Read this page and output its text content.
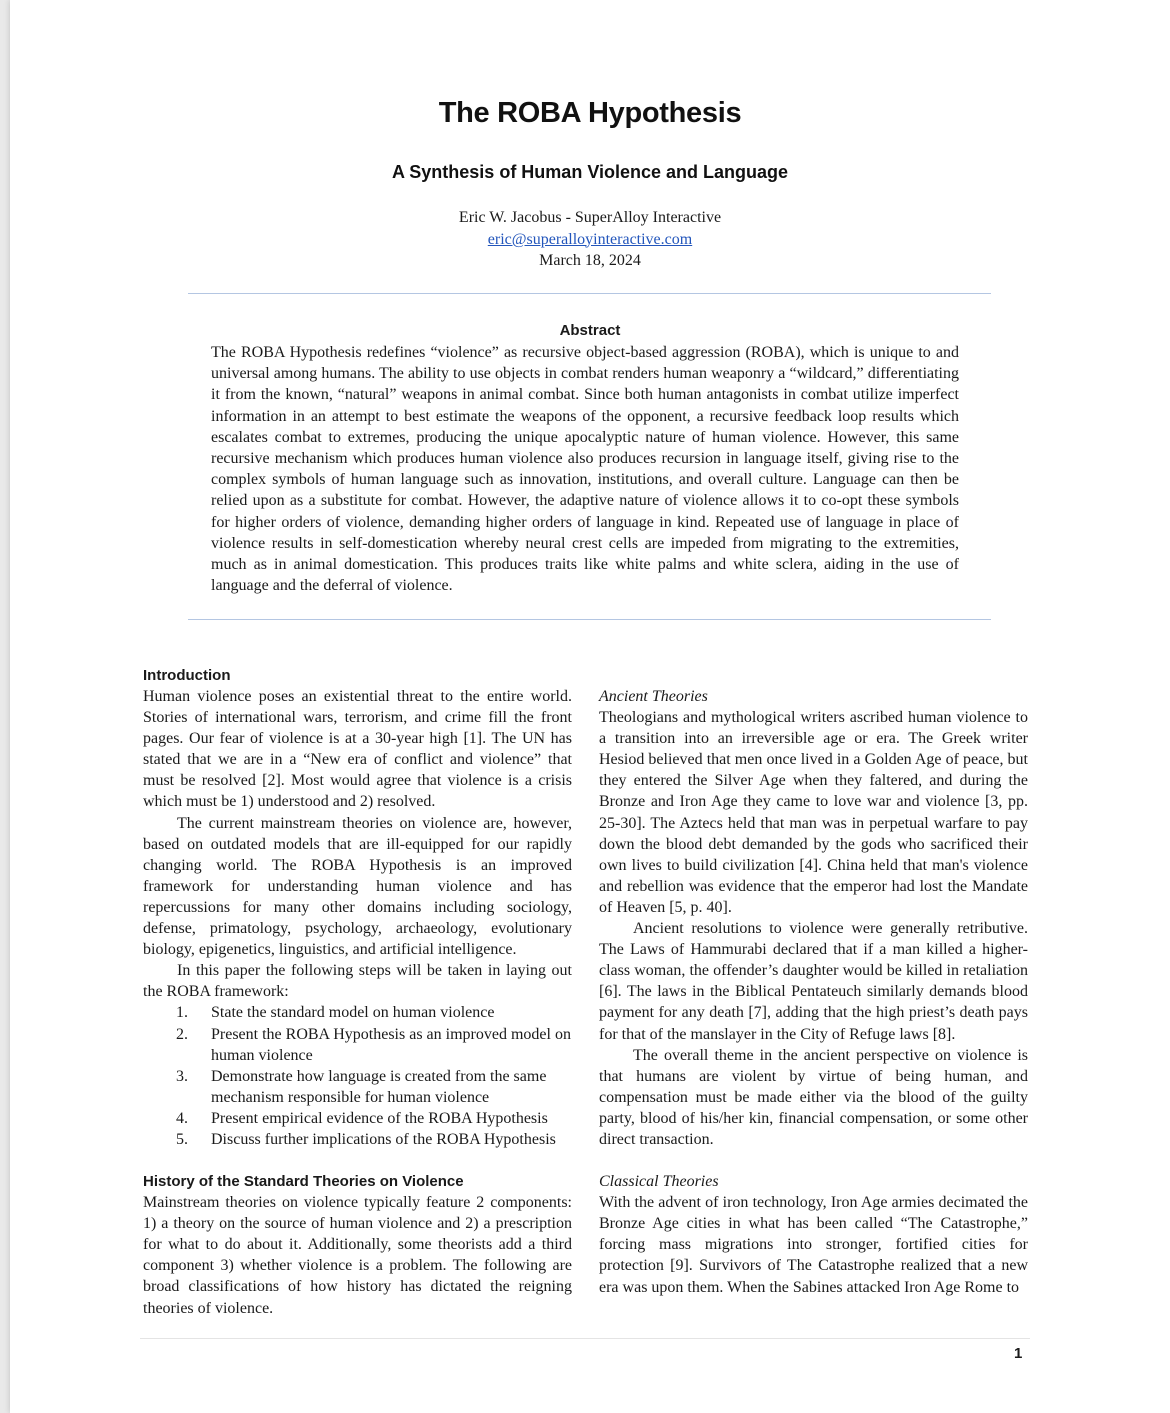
The ROBA Hypothesis
A Synthesis of Human Violence and Language
Eric W. Jacobus - SuperAlloy Interactive
eric@superalloyinteractive.com
March 18, 2024
Abstract
The ROBA Hypothesis redefines “violence” as recursive object-based aggression (ROBA), which is unique to and universal among humans. The ability to use objects in combat renders human weaponry a “wildcard,” differentiating it from the known, “natural” weapons in animal combat. Since both human antagonists in combat utilize imperfect information in an attempt to best estimate the weapons of the opponent, a recursive feedback loop results which escalates combat to extremes, producing the unique apocalyptic nature of human violence. However, this same recursive mechanism which produces human violence also produces recursion in language itself, giving rise to the complex symbols of human language such as innovation, institutions, and overall culture. Language can then be relied upon as a substitute for combat. However, the adaptive nature of violence allows it to co-opt these symbols for higher orders of violence, demanding higher orders of language in kind. Repeated use of language in place of violence results in self-domestication whereby neural crest cells are impeded from migrating to the extremities, much as in animal domestication. This produces traits like white palms and white sclera, aiding in the use of language and the deferral of violence.
Introduction

Human violence poses an existential threat to the entire world. Stories of international wars, terrorism, and crime fill the front pages. Our fear of violence is at a 30-year high [1]. The UN has stated that we are in a “New era of conflict and violence” that must be resolved [2]. Most would agree that violence is a crisis which must be 1) understood and 2) resolved.

The current mainstream theories on violence are, however, based on outdated models that are ill-equipped for our rapidly changing world. The ROBA Hypothesis is an improved framework for understanding human violence and has repercussions for many other domains including sociology, defense, primatology, psychology, archaeology, evolutionary biology, epigenetics, linguistics, and artificial intelligence.

In this paper the following steps will be taken in laying out the ROBA framework:

1.	State the standard model on human violence
2.	Present the ROBA Hypothesis as an improved model on human violence
3.	Demonstrate how language is created from the same mechanism responsible for human violence
4.	Present empirical evidence of the ROBA Hypothesis
5.	Discuss further implications of the ROBA Hypothesis
History of the Standard Theories on Violence

Mainstream theories on violence typically feature 2 components: 1) a theory on the source of human violence and 2) a prescription for what to do about it. Additionally, some theorists add a third component 3) whether violence is a problem. The following are broad classifications of how history has dictated the reigning theories of violence.

Ancient Theories

Theologians and mythological writers ascribed human violence to a transition into an irreversible age or era. The Greek writer Hesiod believed that men once lived in a Golden Age of peace, but they entered the Silver Age when they faltered, and during the Bronze and Iron Age they came to love war and violence [3, pp. 25-30]. The Aztecs held that man was in perpetual warfare to pay down the blood debt demanded by the gods who sacrificed their own lives to build civilization [4]. China held that man's violence and rebellion was evidence that the emperor had lost the Mandate of Heaven [5, p. 40].

Ancient resolutions to violence were generally retributive. The Laws of Hammurabi declared that if a man killed a higher-class woman, the offender’s daughter would be killed in retaliation [6]. The laws in the Biblical Pentateuch similarly demands blood payment for any death [7], adding that the high priest’s death pays for that of the manslayer in the City of Refuge laws [8].

The overall theme in the ancient perspective on violence is that humans are violent by virtue of being human, and compensation must be made either via the blood of the guilty party, blood of his/her kin, financial compensation, or some other direct transaction.

Classical Theories

With the advent of iron technology, Iron Age armies decimated the Bronze Age cities in what has been called “The Catastrophe,” forcing mass migrations into stronger, fortified cities for protection [9]. Survivors of The Catastrophe realized that a new era was upon them. When the Sabines attacked Iron Age Rome to

1
